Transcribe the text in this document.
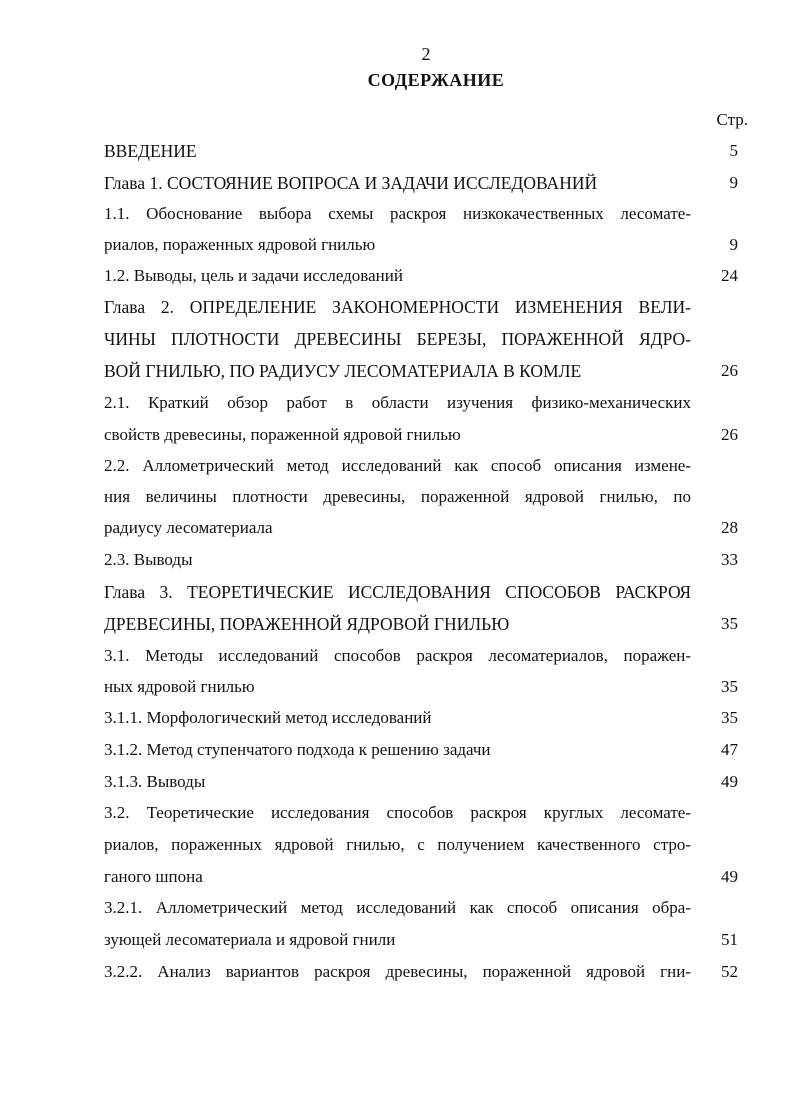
2
СОДЕРЖАНИЕ
Стр.
ВВЕДЕНИЕ	5
Глава 1. СОСТОЯНИЕ ВОПРОСА И ЗАДАЧИ ИССЛЕДОВАНИЙ	9
1.1. Обоснование выбора схемы раскроя низкокачественных лесомате-
риалов, пораженных ядровой гнилью	9
1.2. Выводы, цель и задачи исследований	24
Глава 2. ОПРЕДЕЛЕНИЕ ЗАКОНОМЕРНОСТИ ИЗМЕНЕНИЯ ВЕЛИ-
ЧИНЫ ПЛОТНОСТИ ДРЕВЕСИНЫ БЕРЕЗЫ, ПОРАЖЕННОЙ ЯДРО-
ВОЙ ГНИЛЬЮ, ПО РАДИУСУ ЛЕСОМАТЕРИАЛА В КОМЛЕ	26
2.1. Краткий обзор работ в области изучения физико-механических
свойств древесины, пораженной ядровой гнилью	26
2.2. Аллометрический метод исследований как способ описания измене-
ния величины плотности древесины, пораженной ядровой гнилью, по
радиусу лесоматериала	28
2.3. Выводы	33
Глава 3. ТЕОРЕТИЧЕСКИЕ ИССЛЕДОВАНИЯ СПОСОБОВ РАСКРОЯ
ДРЕВЕСИНЫ, ПОРАЖЕННОЙ ЯДРОВОЙ ГНИЛЬЮ	35
3.1. Методы исследований способов раскроя лесоматериалов, поражен-
ных ядровой гнилью	35
3.1.1. Морфологический метод исследований	35
3.1.2. Метод ступенчатого подхода к решению задачи	47
3.1.3. Выводы	49
3.2. Теоретические исследования способов раскроя круглых лесомате-
риалов, пораженных ядровой гнилью, с получением качественного стро-
ганого шпона	49
3.2.1. Аллометрический метод исследований как способ описания обра-
зующей лесоматериала и ядровой гнили	51
3.2.2. Анализ вариантов раскроя древесины, пораженной ядровой гни-	52
